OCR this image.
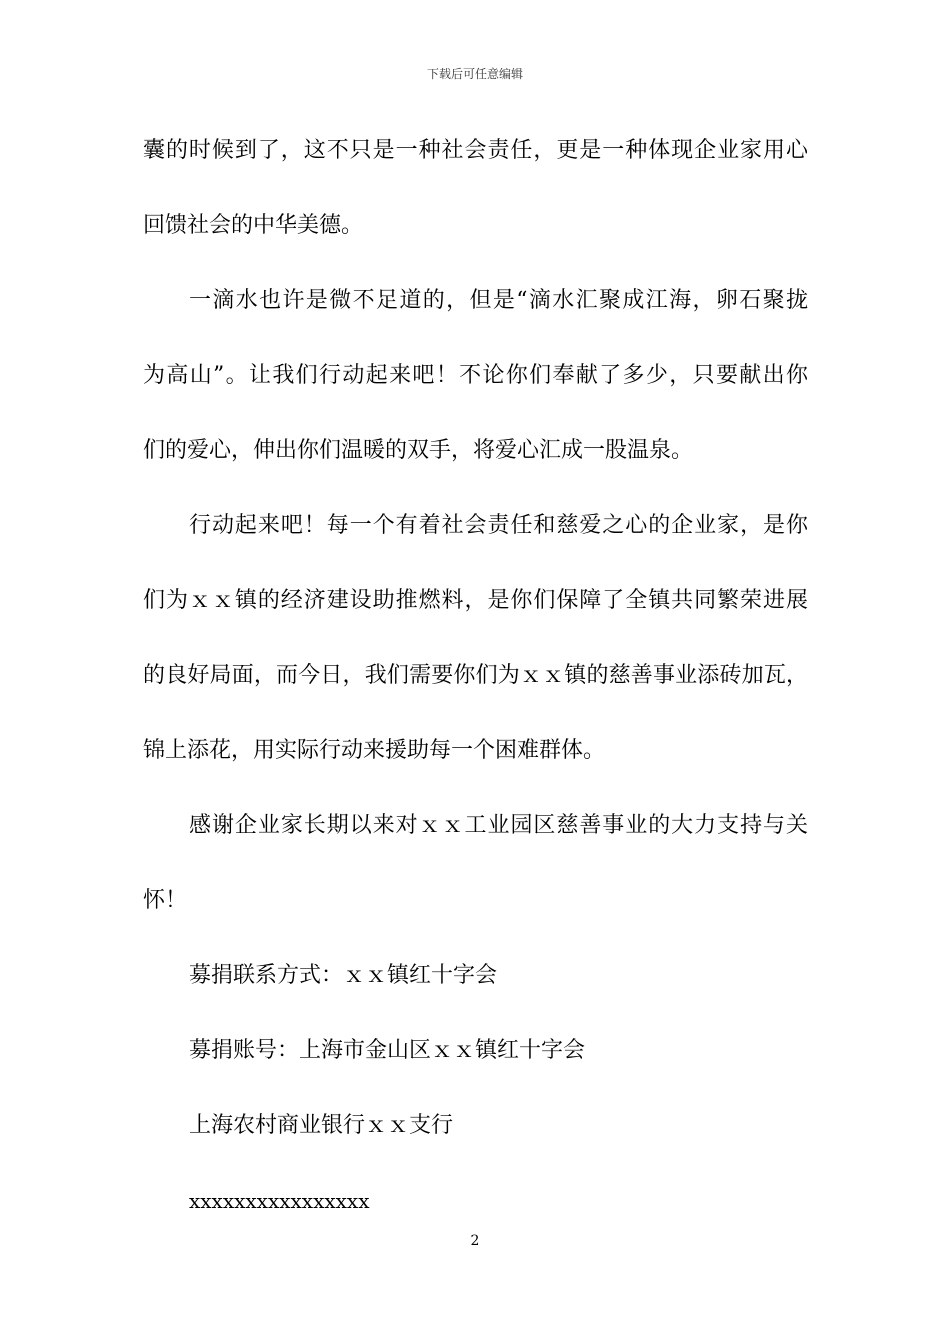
下载后可任意编辑
囊的时候到了，这不只是一种社会责任，更是一种体现企业家用心
回馈社会的中华美德。
一滴水也许是微不足道的，但是“滴水汇聚成江海，卵石聚拢
为高山”。让我们行动起来吧！不论你们奉献了多少，只要献出你
们的爱心，伸出你们温暖的双手，将爱心汇成一股温泉。
行动起来吧！每一个有着社会责任和慈爱之心的企业家，是你
们为ｘｘ镇的经济建设助推燃料，是你们保障了全镇共同繁荣进展
的良好局面，而今日，我们需要你们为ｘｘ镇的慈善事业添砖加瓦，
锦上添花，用实际行动来援助每一个困难群体。
感谢企业家长期以来对ｘｘ工业园区慈善事业的大力支持与关
怀！
募捐联系方式：ｘｘ镇红十字会
募捐账号：上海市金山区ｘｘ镇红十字会
上海农村商业银行ｘｘ支行
xxxxxxxxxxxxxxxx
2
